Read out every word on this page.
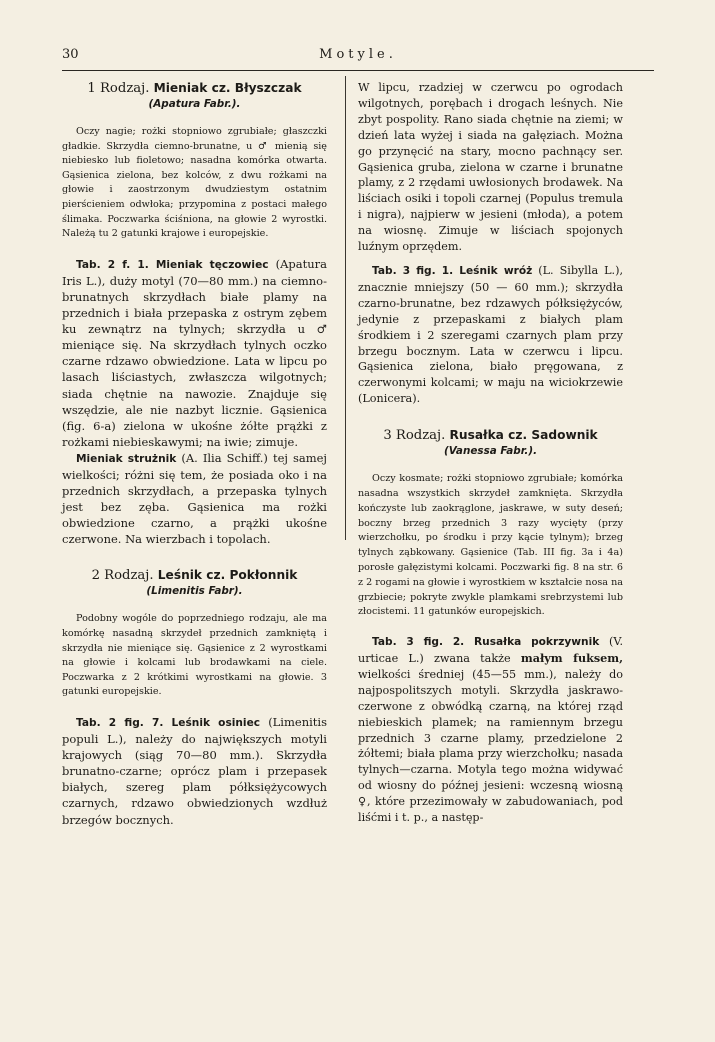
30	Motyle.

1 Rodzaj. Mieniak cz. Błyszczak

(Apatura Fabr.).

Oczy nagie; rożki stopniowo zgrubiałe; głaszczki gładkie. Skrzydła ciemno-brunatne, u ♂ mienią się niebiesko lub fioletowo; nasadna komórka otwarta. Gąsienica zielona, bez kolców, z dwu rożkami na głowie i zaostrzonym dwudziestym ostatnim pierścieniem odwłoka; przypomina z postaci małego ślimaka. Poczwarka ściśniona, na głowie 2 wyrostki. Należą tu 2 gatunki krajowe i europejskie.

Tab. 2 f. 1. Mieniak tęczowiec (Apatura Iris L.), duży motyl (70—80 mm.) na ciemno-brunatnych skrzydłach białe plamy na przednich i biała przepaska z ostrym zębem ku zewnątrz na tylnych; skrzydła u ♂ mieniące się. Na skrzydłach tylnych oczko czarne rdzawo obwiedzione. Lata w lipcu po lasach liściastych, zwłaszcza wilgotnych; siada chętnie na nawozie. Znajduje się wszędzie, ale nie nazbyt licznie. Gąsienica (fig. 6-a) zielona w ukośne żółte prążki z rożkami niebieskawymi; na iwie; zimuje.

Mieniak strużnik (A. Ilia Schiff.) tej samej wielkości; różni się tem, że posiada oko i na przednich skrzydłach, a przepaska tylnych jest bez zęba. Gąsienica ma rożki obwiedzione czarno, a prążki ukośne czerwone. Na wierzbach i topolach.

2 Rodzaj. Leśnik cz. Pokłonnik

(Limenitis Fabr).

Podobny wogóle do poprzedniego rodzaju, ale ma komórkę nasadną skrzydeł przednich zamkniętą i skrzydła nie mieniące się. Gąsienice z 2 wyrostkami na głowie i kolcami lub brodawkami na ciele. Poczwarka z 2 krótkimi wyrostkami na głowie. 3 gatunki europejskie.

Tab. 2 fig. 7. Leśnik osiniec (Limenitis populi L.), należy do największych motyli krajowych (siąg 70—80 mm.). Skrzydła brunatno-czarne; oprócz plam i przepasek białych, szereg plam półksiężycowych czarnych, rdzawo obwiedzionych wzdłuż brzegów bocznych.

W lipcu, rzadziej w czerwcu po ogrodach wilgotnych, porębach i drogach leśnych. Nie zbyt pospolity. Rano siada chętnie na ziemi; w dzień lata wyżej i siada na gałęziach. Można go przynęcić na stary, mocno pachnący ser. Gąsienica gruba, zielona w czarne i brunatne plamy, z 2 rzędami uwłosionych brodawek. Na liściach osiki i topoli czarnej (Populus tremula i nigra), najpierw w jesieni (młoda), a potem na wiosnę. Zimuje w liściach spojonych luźnym oprzędem.

Tab. 3 fig. 1. Leśnik wróż (L. Sibylla L.), znacznie mniejszy (50 — 60 mm.); skrzydła czarno-brunatne, bez rdzawych półksiężyców, jedynie z przepaskami z białych plam środkiem i 2 szeregami czarnych plam przy brzegu bocznym. Lata w czerwcu i lipcu. Gąsienica zielona, biało pręgowana, z czerwonymi kolcami; w maju na wiciokrzewie (Lonicera).

3 Rodzaj. Rusałka cz. Sadownik

(Vanessa Fabr.).

Oczy kosmate; rożki stopniowo zgrubiałe; komórka nasadna wszystkich skrzydeł zamknięta. Skrzydła kończyste lub zaokrąglone, jaskrawe, w suty deseń; boczny brzeg przednich 3 razy wycięty (przy wierzchołku, po środku i przy kącie tylnym); brzeg tylnych ząbkowany. Gąsienice (Tab. III fig. 3a i 4a) porosłe gałęzistymi kolcami. Poczwarki fig. 8 na str. 6 z 2 rogami na głowie i wyrostkiem w kształcie nosa na grzbiecie; pokryte zwykle plamkami srebrzystemi lub złocistemi. 11 gatunków europejskich.

Tab. 3 fig. 2. Rusałka pokrzywnik (V. urticae L.) zwana także małym fuksem, wielkości średniej (45—55 mm.), należy do najpospolitszych motyli. Skrzydła jaskrawo-czerwone z obwódką czarną, na której rząd niebieskich plamek; na ramiennym brzegu przednich 3 czarne plamy, przedzielone 2 żółtemi; biała plama przy wierzchołku; nasada tylnych—czarna. Motyla tego można widywać od wiosny do późnej jesieni: wczesną wiosną ♀, które przezimowały w zabudowaniach, pod liśćmi i t. p., a następ-
